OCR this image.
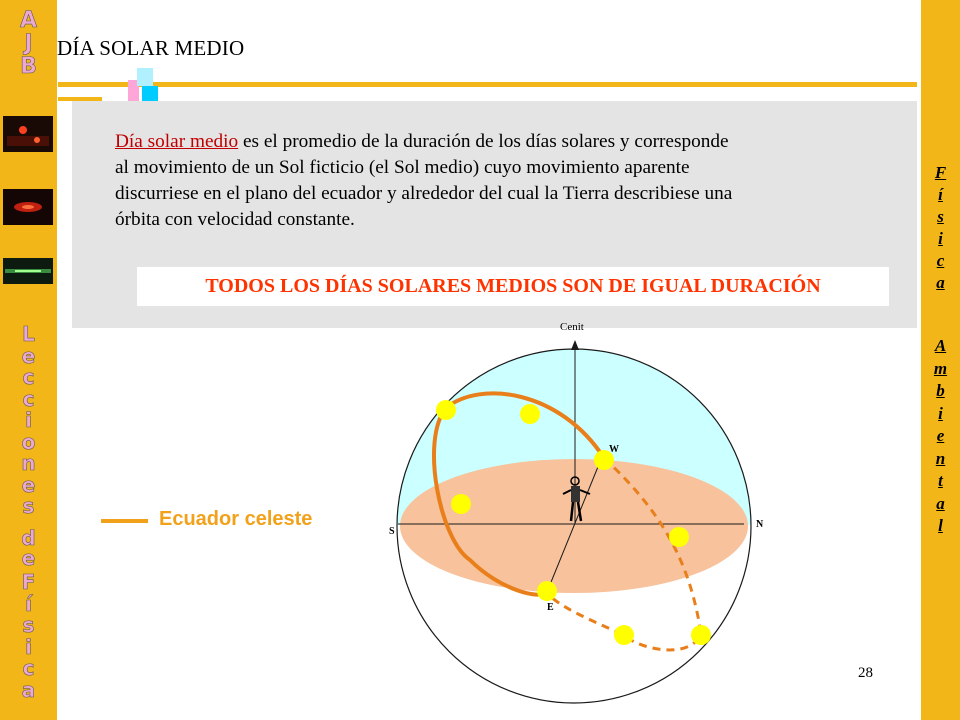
A
J
B
L
e
c
c
i
o
n
e
s
d
e
F
í
s
i
c
a
F
í
s
i
c
a
A
m
b
i
e
n
t
a
l
DÍA SOLAR MEDIO
Día solar medio es el promedio de la duración de los días solares y corresponde
al movimiento de un Sol ficticio (el Sol medio) cuyo movimiento aparente
discurriese en el plano del ecuador y alrededor del cual la Tierra describiese una
órbita con velocidad constante.
TODOS LOS DÍAS SOLARES MEDIOS SON DE IGUAL DURACIÓN
Ecuador celeste
Cenit
W
S
N
E
28
